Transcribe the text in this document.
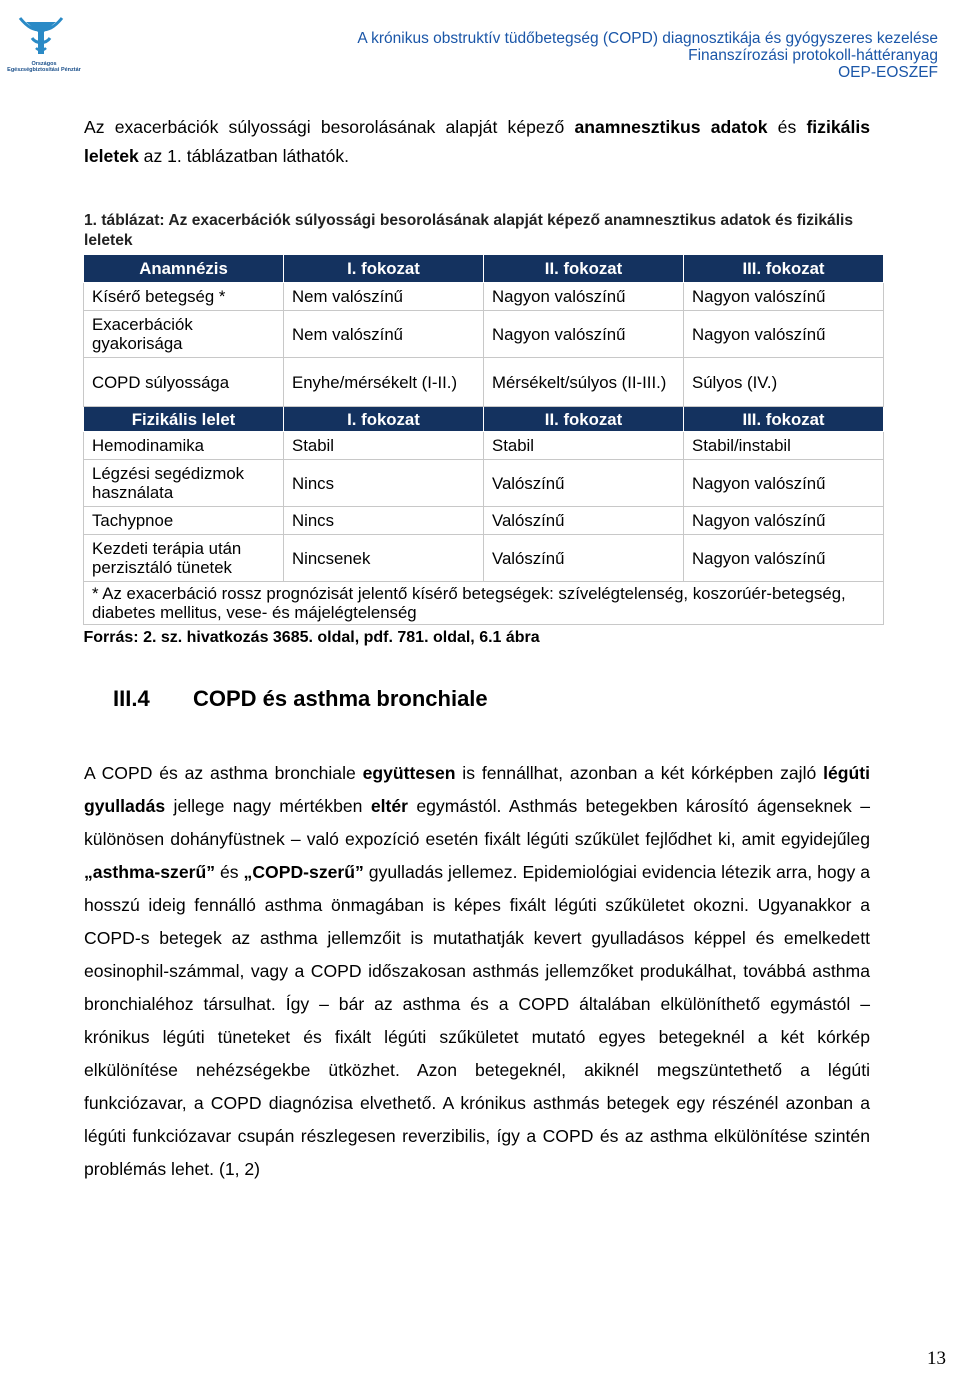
Országos Egészségbiztosítási Pénztár
A krónikus obstruktív tüdőbetegség (COPD) diagnosztikája és gyógyszeres kezelése
Finanszírozási protokoll-háttéranyag
OEP-EOSZEF
Az exacerbációk súlyossági besorolásának alapját képező anamnesztikus adatok és fizikális leletek az 1. táblázatban láthatók.
1. táblázat: Az exacerbációk súlyossági besorolásának alapját képező anamnesztikus adatok és fizikális leletek
Anamnézis	I. fokozat	II. fokozat	III. fokozat
Kísérő betegség *	Nem valószínű	Nagyon valószínű	Nagyon valószínű
Exacerbációk gyakorisága	Nem valószínű	Nagyon valószínű	Nagyon valószínű
COPD súlyossága	Enyhe/mérsékelt (I-II.)	Mérsékelt/súlyos (II-III.)	Súlyos (IV.)
Fizikális lelet	I. fokozat	II. fokozat	III. fokozat
Hemodinamika	Stabil	Stabil	Stabil/instabil
Légzési segédizmok használata	Nincs	Valószínű	Nagyon valószínű
Tachypnoe	Nincs	Valószínű	Nagyon valószínű
Kezdeti terápia után perzisztáló tünetek	Nincsenek	Valószínű	Nagyon valószínű
* Az exacerbáció rossz prognózisát jelentő kísérő betegségek: szívelégtelenség, koszorúér-betegség, diabetes mellitus, vese- és májelégtelenség			

Forrás: 2. sz. hivatkozás 3685. oldal, pdf. 781. oldal, 6.1 ábra			
III.4 COPD és asthma bronchiale
A COPD és az asthma bronchiale együttesen is fennállhat, azonban a két kórképben zajló légúti gyulladás jellege nagy mértékben eltér egymástól. Asthmás betegekben károsító ágenseknek – különösen dohányfüstnek – való expozíció esetén fixált légúti szűkület fejlődhet ki, amit egyidejűleg „asthma-szerű” és „COPD-szerű” gyulladás jellemez. Epidemiológiai evidencia létezik arra, hogy a hosszú ideig fennálló asthma önmagában is képes fixált légúti szűkületet okozni. Ugyanakkor a COPD-s betegek az asthma jellemzőit is mutathatják kevert gyulladásos képpel és emelkedett eosinophil-számmal, vagy a COPD időszakosan asthmás jellemzőket produkálhat, továbbá asthma bronchialéhoz társulhat. Így – bár az asthma és a COPD általában elkülöníthető egymástól – krónikus légúti tüneteket és fixált légúti szűkületet mutató egyes betegeknél a két kórkép elkülönítése nehézségekbe ütközhet. Azon betegeknél, akiknél megszüntethető a légúti funkciózavar, a COPD diagnózisa elvethető. A krónikus asthmás betegek egy részénél azonban a légúti funkciózavar csupán részlegesen reverzibilis, így a COPD és az asthma elkülönítése szintén problémás lehet. (1, 2)
13
